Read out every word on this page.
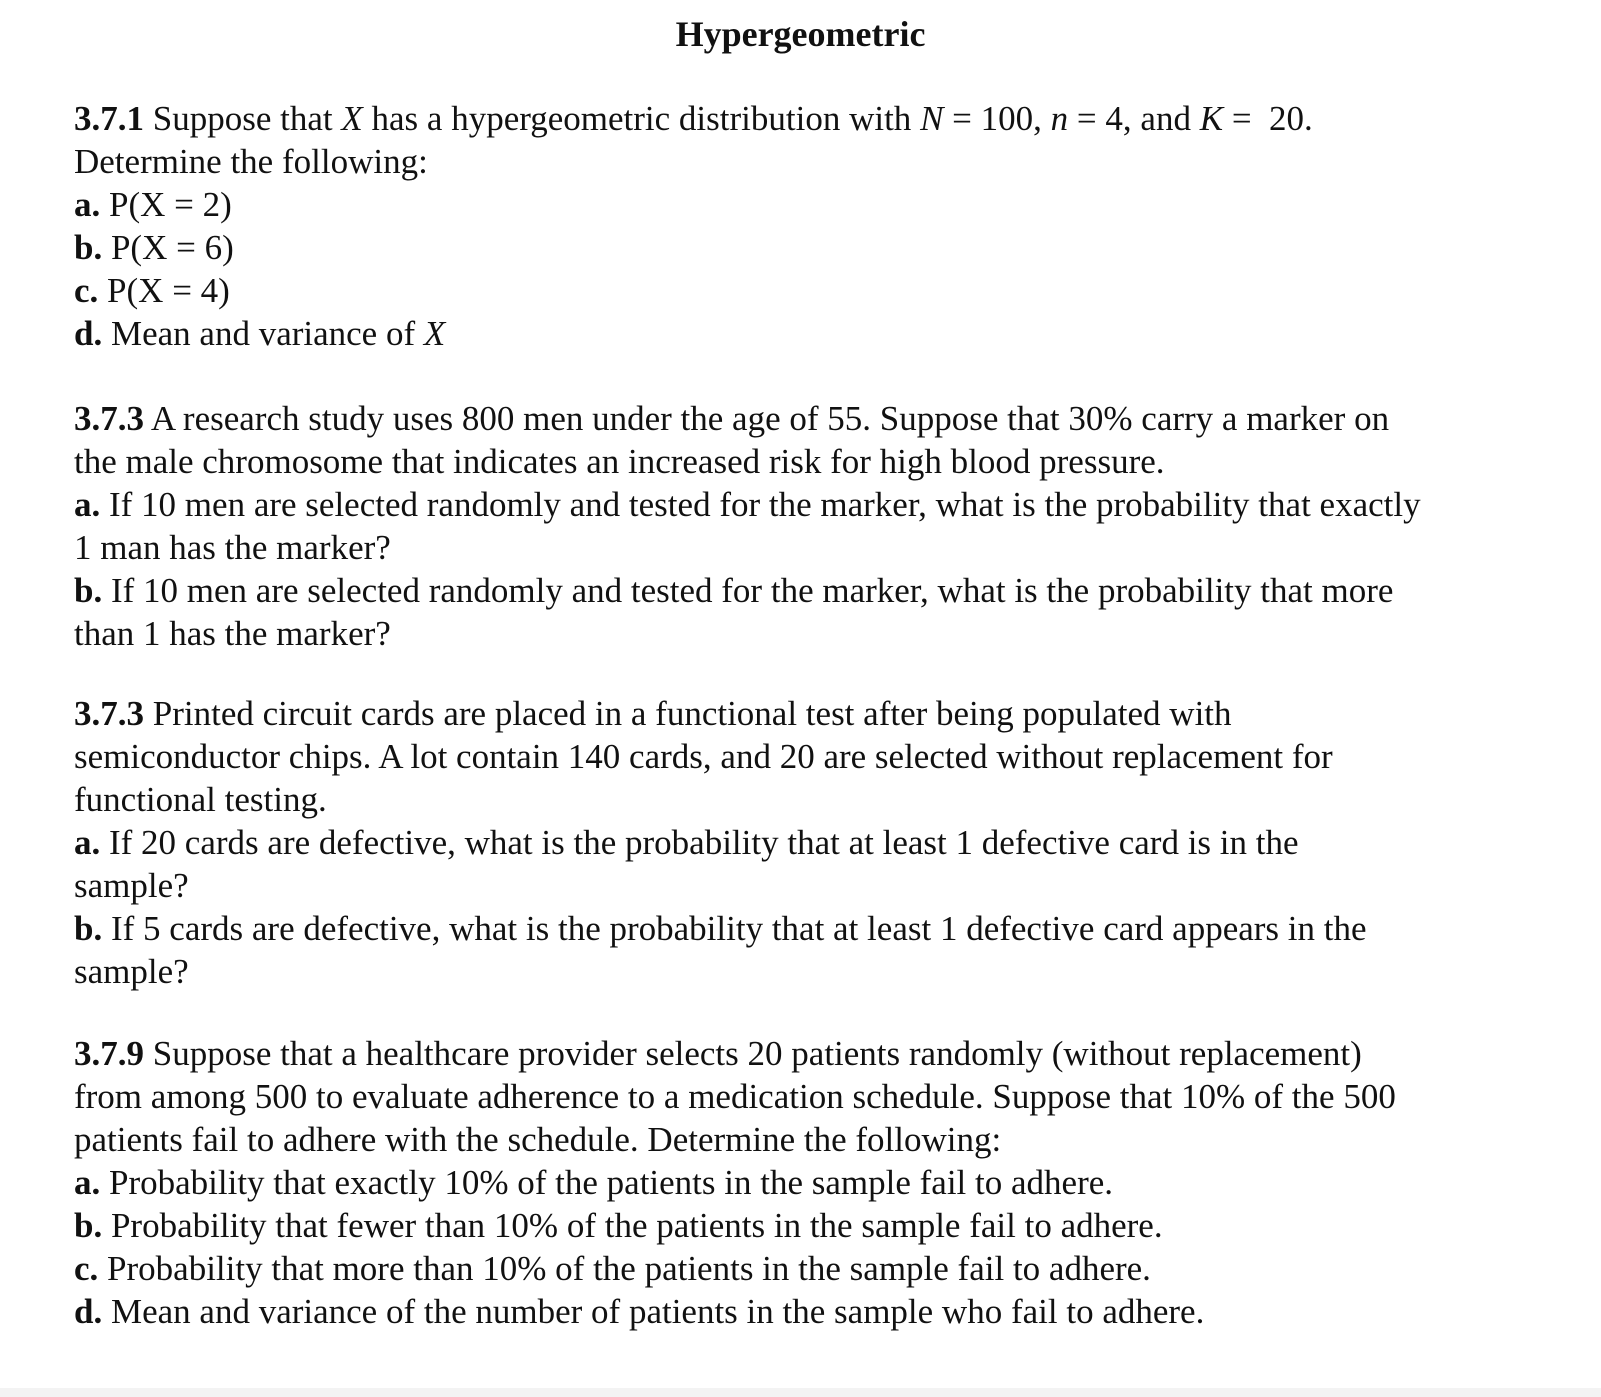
Hypergeometric
3.7.1 Suppose that X has a hypergeometric distribution with N = 100, n = 4, and K =  20.
Determine the following:
a. P(X = 2)
b. P(X = 6)
c. P(X = 4)
d. Mean and variance of X
3.7.3 A research study uses 800 men under the age of 55. Suppose that 30% carry a marker on
the male chromosome that indicates an increased risk for high blood pressure.
a. If 10 men are selected randomly and tested for the marker, what is the probability that exactly
1 man has the marker?
b. If 10 men are selected randomly and tested for the marker, what is the probability that more
than 1 has the marker?
3.7.3 Printed circuit cards are placed in a functional test after being populated with
semiconductor chips. A lot contain 140 cards, and 20 are selected without replacement for
functional testing.
a. If 20 cards are defective, what is the probability that at least 1 defective card is in the
sample?
b. If 5 cards are defective, what is the probability that at least 1 defective card appears in the
sample?
3.7.9 Suppose that a healthcare provider selects 20 patients randomly (without replacement)
from among 500 to evaluate adherence to a medication schedule. Suppose that 10% of the 500
patients fail to adhere with the schedule. Determine the following:
a. Probability that exactly 10% of the patients in the sample fail to adhere.
b. Probability that fewer than 10% of the patients in the sample fail to adhere.
c. Probability that more than 10% of the patients in the sample fail to adhere.
d. Mean and variance of the number of patients in the sample who fail to adhere.
